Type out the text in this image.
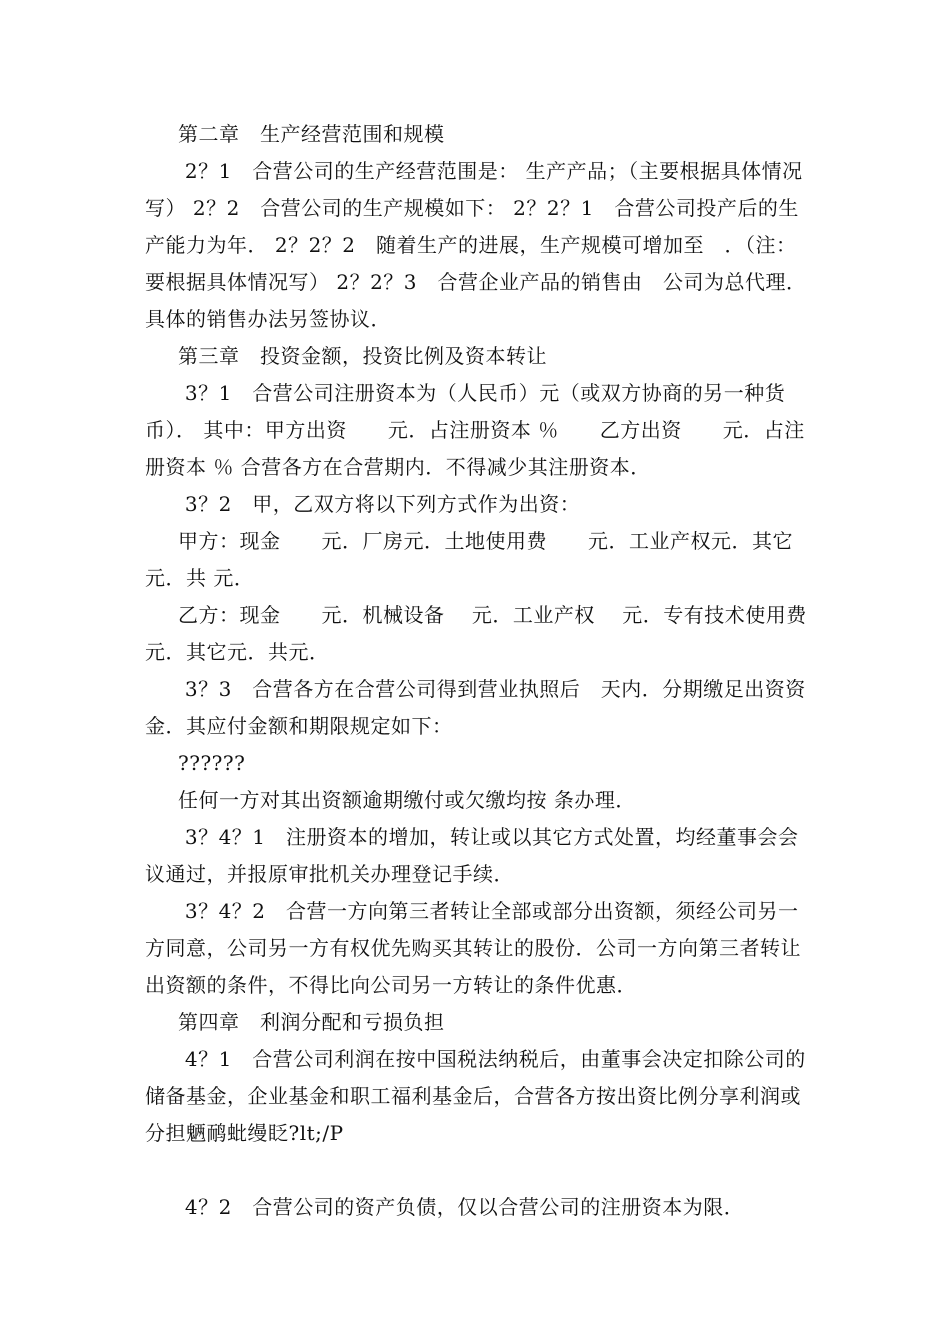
第二章　生产经营范围和规模

2？1　合营公司的生产经营范围是： 生产产品；（主要根据具体情况写） 2？2　合营公司的生产规模如下： 2？2？1　合营公司投产后的生产能力为年． 2？2？2　随着生产的进展，生产规模可增加至　．（注：　要根据具体情况写） 2？2？3　合营企业产品的销售由　公司为总代理．具体的销售办法另签协议．

第三章　投资金额，投资比例及资本转让

3？1　合营公司注册资本为（人民币）元（或双方协商的另一种货币）． 其中：甲方出资　　元．占注册资本 ％　　乙方出资　　元．占注册资本 ％ 合营各方在合营期内．不得减少其注册资本．

3？2　甲，乙双方将以下列方式作为出资：

甲方：现金　　元．厂房元．土地使用费　　元．工业产权元．其它　　元．共 元．

乙方：现金　　元．机械设备　 元．工业产权　 元．专有技术使用费　元．其它元．共元．

3？3　合营各方在合营公司得到营业执照后　天内．分期缴足出资资金．其应付金额和期限规定如下：

??????

任何一方对其出资额逾期缴付或欠缴均按 条办理．

3？4？1　注册资本的增加，转让或以其它方式处置，均经董事会会议通过，并报原审批机关办理登记手续．

3？4？2　合营一方向第三者转让全部或部分出资额，须经公司另一方同意，公司另一方有权优先购买其转让的股份．公司一方向第三者转让出资额的条件，不得比向公司另一方转让的条件优惠．

第四章　利润分配和亏损负担

4？1　合营公司利润在按中国税法纳税后，由董事会决定扣除公司的储备基金，企业基金和职工福利基金后，合营各方按出资比例分享利润或分担魉鸸蚍缦眨?lt;/P

4？2　合营公司的资产负债，仅以合营公司的注册资本为限．
